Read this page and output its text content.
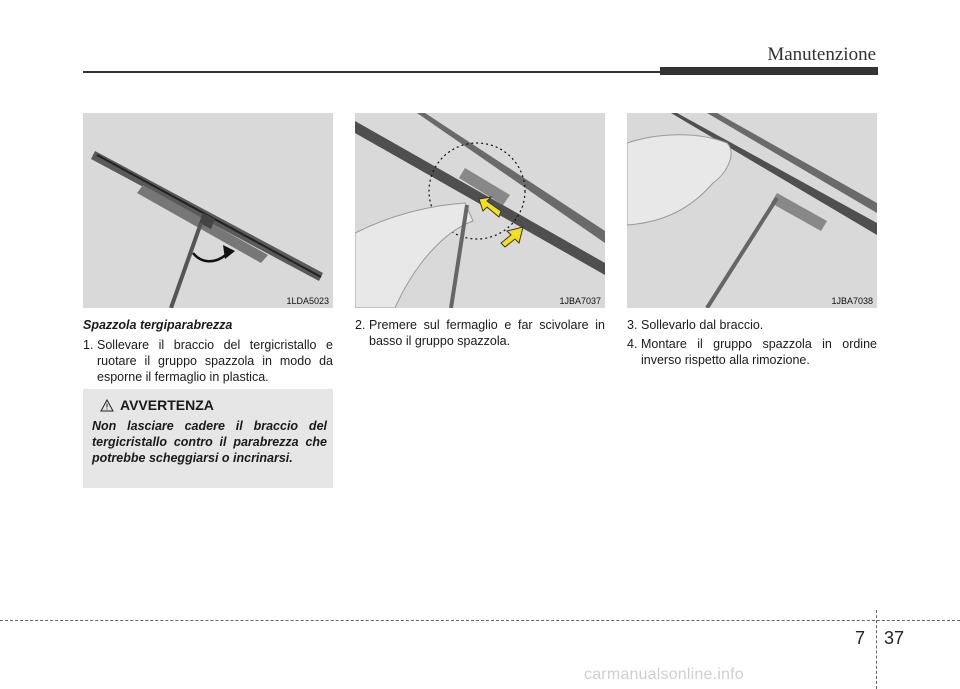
Manutenzione
1LDA5023	1JBA7037	1JBA7038

Spazzola tergiparabrezza

1. Sollevare il braccio del tergicristallo e ruotare il gruppo spazzola in modo da esporne il fermaglio in plastica.

AVVERTENZA
Non lasciare cadere il braccio del tergicristallo contro il parabrezza che potrebbe scheggiarsi o incrinarsi.

2. Premere sul fermaglio e far scivolare in basso il gruppo spazzola.

3. Sollevarlo dal braccio.

4. Montare il gruppo spazzola in ordine inverso rispetto alla rimozione.

7 37
carmanualsonline.info
